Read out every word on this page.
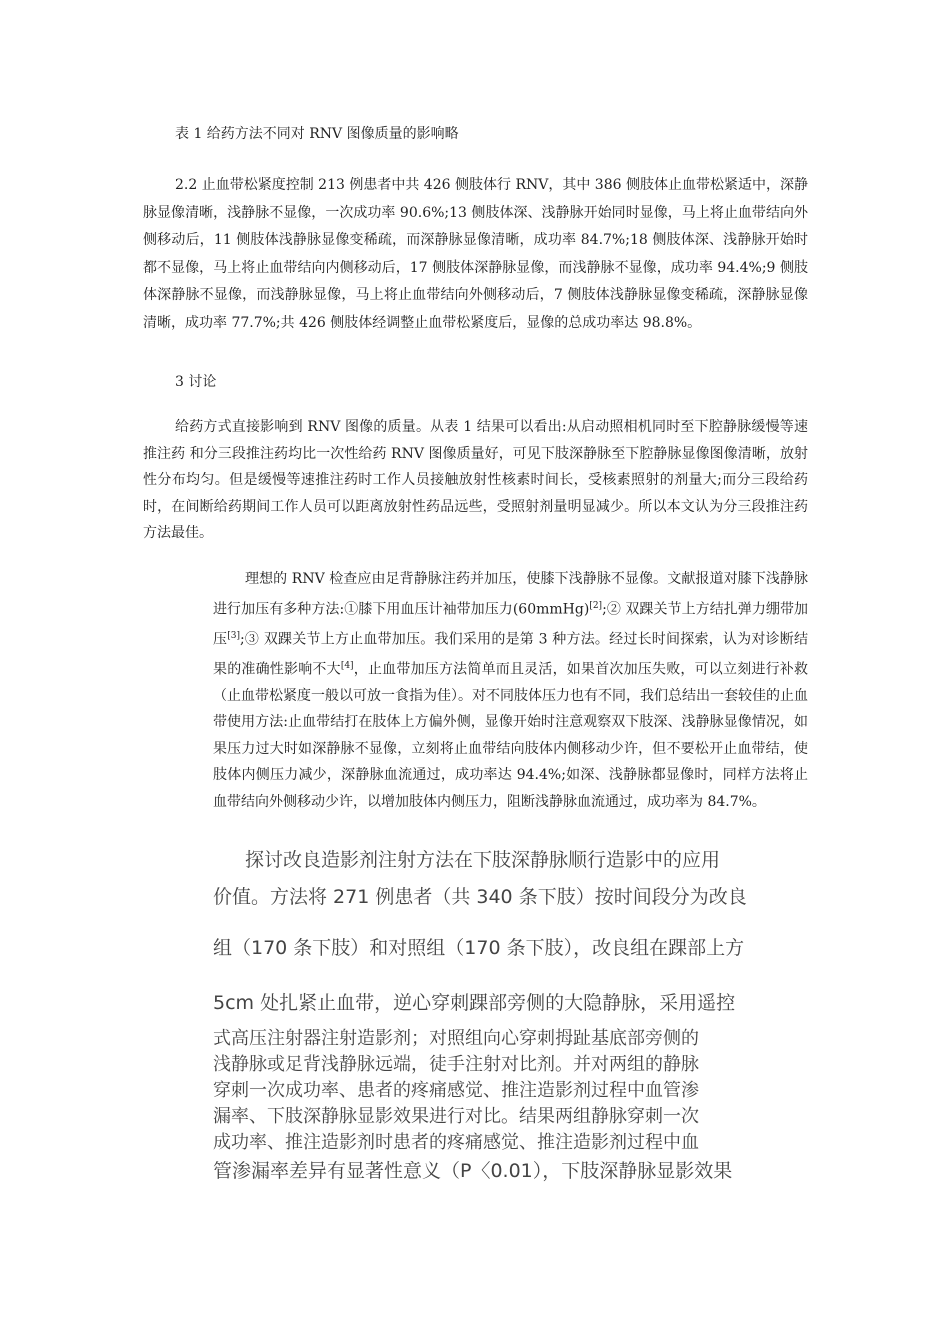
表 1 给药方法不同对 RNV 图像质量的影响略
2.2 止血带松紧度控制 213 例患者中共 426 侧肢体行 RNV，其中 386 侧肢体止血带松紧适中，深静脉显像清晰，浅静脉不显像，一次成功率 90.6%;13 侧肢体深、浅静脉开始同时显像，马上将止血带结向外侧移动后，11 侧肢体浅静脉显像变稀疏，而深静脉显像清晰，成功率 84.7%;18 侧肢体深、浅静脉开始时都不显像，马上将止血带结向内侧移动后，17 侧肢体深静脉显像，而浅静脉不显像，成功率 94.4%;9 侧肢体深静脉不显像，而浅静脉显像，马上将止血带结向外侧移动后，7 侧肢体浅静脉显像变稀疏，深静脉显像清晰，成功率 77.7%;共 426 侧肢体经调整止血带松紧度后，显像的总成功率达 98.8%。
3 讨论
给药方式直接影响到 RNV 图像的质量。从表 1 结果可以看出:从启动照相机同时至下腔静脉缓慢等速推注药 和分三段推注药均比一次性给药 RNV 图像质量好，可见下肢深静脉至下腔静脉显像图像清晰，放射性分布均匀。但是缓慢等速推注药时工作人员接触放射性核素时间长，受核素照射的剂量大;而分三段给药时，在间断给药期间工作人员可以距离放射性药品远些，受照射剂量明显减少。所以本文认为分三段推注药方法最佳。
理想的 RNV 检查应由足背静脉注药并加压，使膝下浅静脉不显像。文献报道对膝下浅静脉进行加压有多种方法:①膝下用血压计袖带加压力(60mmHg)[2];② 双踝关节上方结扎弹力绷带加压[3];③ 双踝关节上方止血带加压。我们采用的是第 3 种方法。经过长时间探索，认为对诊断结果的准确性影响不大[4]，止血带加压方法简单而且灵活，如果首次加压失败，可以立刻进行补救（止血带松紧度一般以可放一食指为佳）。对不同肢体压力也有不同，我们总结出一套较佳的止血带使用方法:止血带结打在肢体上方偏外侧，显像开始时注意观察双下肢深、浅静脉显像情况，如果压力过大时如深静脉不显像，立刻将止血带结向肢体内侧移动少许，但不要松开止血带结，使肢体内侧压力减少，深静脉血流通过，成功率达 94.4%;如深、浅静脉都显像时，同样方法将止血带结向外侧移动少许，以增加肢体内侧压力，阻断浅静脉血流通过，成功率为 84.7%。
探讨改良造影剂注射方法在下肢深静脉顺行造影中的应用
价值。方法将 271 例患者（共 340 条下肢）按时间段分为改良
组（170 条下肢）和对照组（170 条下肢），改良组在踝部上方
5cm 处扎紧止血带，逆心穿刺踝部旁侧的大隐静脉，采用遥控
式高压注射器注射造影剂；对照组向心穿刺拇趾基底部旁侧的
浅静脉或足背浅静脉远端，徒手注射对比剂。并对两组的静脉
穿刺一次成功率、患者的疼痛感觉、推注造影剂过程中血管渗
漏率、下肢深静脉显影效果进行对比。结果两组静脉穿刺一次
成功率、推注造影剂时患者的疼痛感觉、推注造影剂过程中血
管渗漏率差异有显著性意义（P〈0.01），下肢深静脉显影效果
